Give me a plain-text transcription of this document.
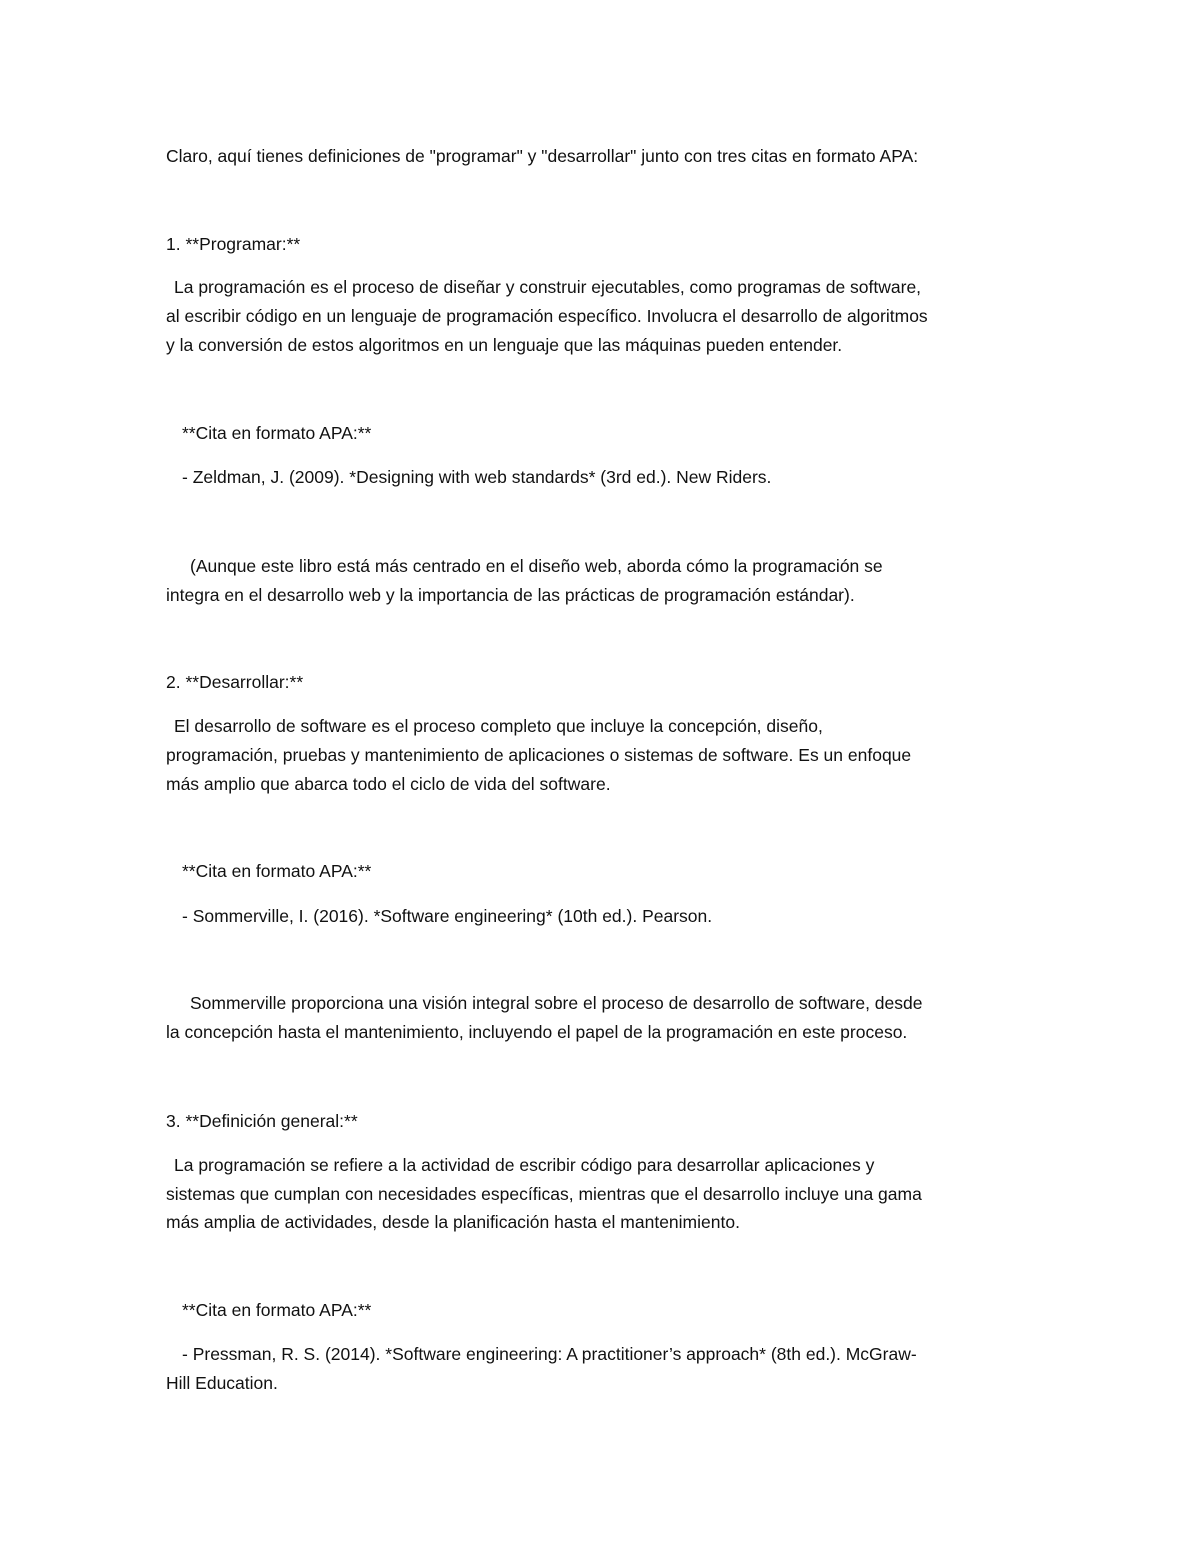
Claro, aquí tienes definiciones de "programar" y "desarrollar" junto con tres citas en formato APA:
1. **Programar:**
La programación es el proceso de diseñar y construir ejecutables, como programas de software,
al escribir código en un lenguaje de programación específico. Involucra el desarrollo de algoritmos
y la conversión de estos algoritmos en un lenguaje que las máquinas pueden entender.
**Cita en formato APA:**
- Zeldman, J. (2009). *Designing with web standards* (3rd ed.). New Riders.
(Aunque este libro está más centrado en el diseño web, aborda cómo la programación se
integra en el desarrollo web y la importancia de las prácticas de programación estándar).
2. **Desarrollar:**
El desarrollo de software es el proceso completo que incluye la concepción, diseño,
programación, pruebas y mantenimiento de aplicaciones o sistemas de software. Es un enfoque
más amplio que abarca todo el ciclo de vida del software.
**Cita en formato APA:**
- Sommerville, I. (2016). *Software engineering* (10th ed.). Pearson.
Sommerville proporciona una visión integral sobre el proceso de desarrollo de software, desde
la concepción hasta el mantenimiento, incluyendo el papel de la programación en este proceso.
3. **Definición general:**
La programación se refiere a la actividad de escribir código para desarrollar aplicaciones y
sistemas que cumplan con necesidades específicas, mientras que el desarrollo incluye una gama
más amplia de actividades, desde la planificación hasta el mantenimiento.
**Cita en formato APA:**
- Pressman, R. S. (2014). *Software engineering: A practitioner’s approach* (8th ed.). McGraw-
Hill Education.
